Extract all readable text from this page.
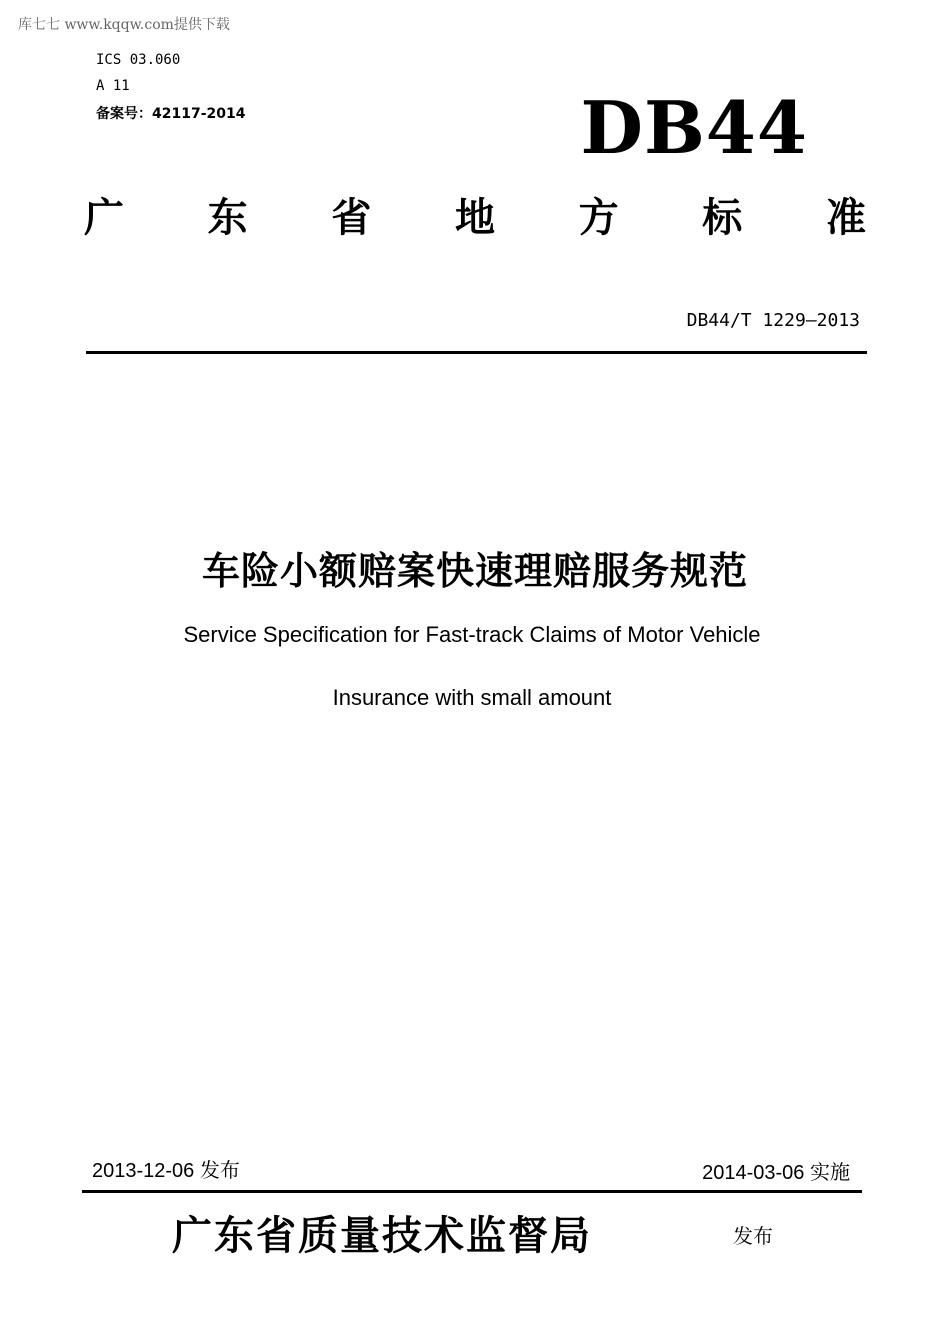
库七七 www.kqqw.com提供下载
ICS 03.060
A 11
备案号：42117-2014	DB44
广 东 省 地 方 标 准
DB44/T 1229—2013
车险小额赔案快速理赔服务规范
Service Specification for Fast-track Claims of Motor Vehicle
Insurance with small amount
2013-12-06 发布	2014-03-06 实施
广东省质量技术监督局	发布
